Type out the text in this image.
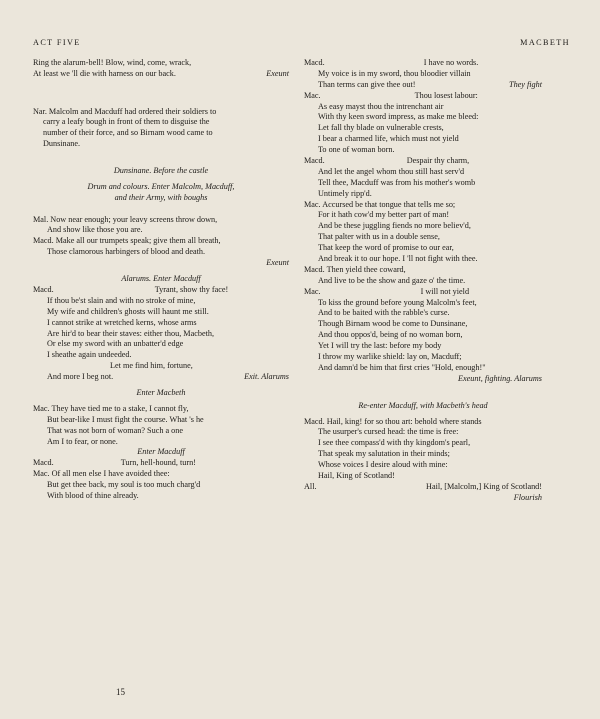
ACT FIVE	MACBETH
Ring the alarum-bell! Blow, wind, come, wrack,
At least we 'll die with harness on our back.	Exeunt
Nar. Malcolm and Macduff had ordered their soldiers to
carry a leafy bough in front of them to disguise the
number of their force, and so Birnam wood came to
Dunsinane.
Dunsinane. Before the castle
Drum and colours. Enter Malcolm, Macduff,
and their Army, with boughs
Mal. Now near enough; your leavy screens throw down,
And show like those you are.
Macd. Make all our trumpets speak; give them all breath,
Those clamorous harbingers of blood and death.
Exeunt
Alarums. Enter Macduff
Macd.	Tyrant, show thy face!
If thou be'st slain and with no stroke of mine,
My wife and children's ghosts will haunt me still.
I cannot strike at wretched kerns, whose arms
Are hir'd to bear their staves: either thou, Macbeth,
Or else my sword with an unbatter'd edge
I sheathe again undeeded.
Let me find him, fortune,
And more I beg not.	Exit. Alarums
Enter Macbeth
Mac. They have tied me to a stake, I cannot fly,
But bear-like I must fight the course. What 's he
That was not born of woman? Such a one
Am I to fear, or none.
Enter Macduff
Macd.	Turn, hell-hound, turn!
Mac. Of all men else I have avoided thee:
But get thee back, my soul is too much charg'd
With blood of thine already.
Macd.	I have no words.
My voice is in my sword, thou bloodier villain
Than terms can give thee out!	They fight
Mac.	Thou losest labour:
As easy mayst thou the intrenchant air
With thy keen sword impress, as make me bleed:
Let fall thy blade on vulnerable crests,
I bear a charmed life, which must not yield
To one of woman born.
Macd.	Despair thy charm,
And let the angel whom thou still hast serv'd
Tell thee, Macduff was from his mother's womb
Untimely ripp'd.
Mac. Accursed be that tongue that tells me so;
For it hath cow'd my better part of man!
And be these juggling fiends no more believ'd,
That palter with us in a double sense,
That keep the word of promise to our ear,
And break it to our hope. I 'll not fight with thee.
Macd. Then yield thee coward,
And live to be the show and gaze o' the time.
Mac.	I will not yield
To kiss the ground before young Malcolm's feet,
And to be baited with the rabble's curse.
Though Birnam wood be come to Dunsinane,
And thou oppos'd, being of no woman born,
Yet I will try the last: before my body
I throw my warlike shield: lay on, Macduff;
And damn'd be him that first cries "Hold, enough!"
Exeunt, fighting. Alarums
Re-enter Macduff, with Macbeth's head
Macd. Hail, king! for so thou art: behold where stands
The usurper's cursed head: the time is free:
I see thee compass'd with thy kingdom's pearl,
That speak my salutation in their minds;
Whose voices I desire aloud with mine:
Hail, King of Scotland!
All.	Hail, [Malcolm,] King of Scotland!
Flourish
15
